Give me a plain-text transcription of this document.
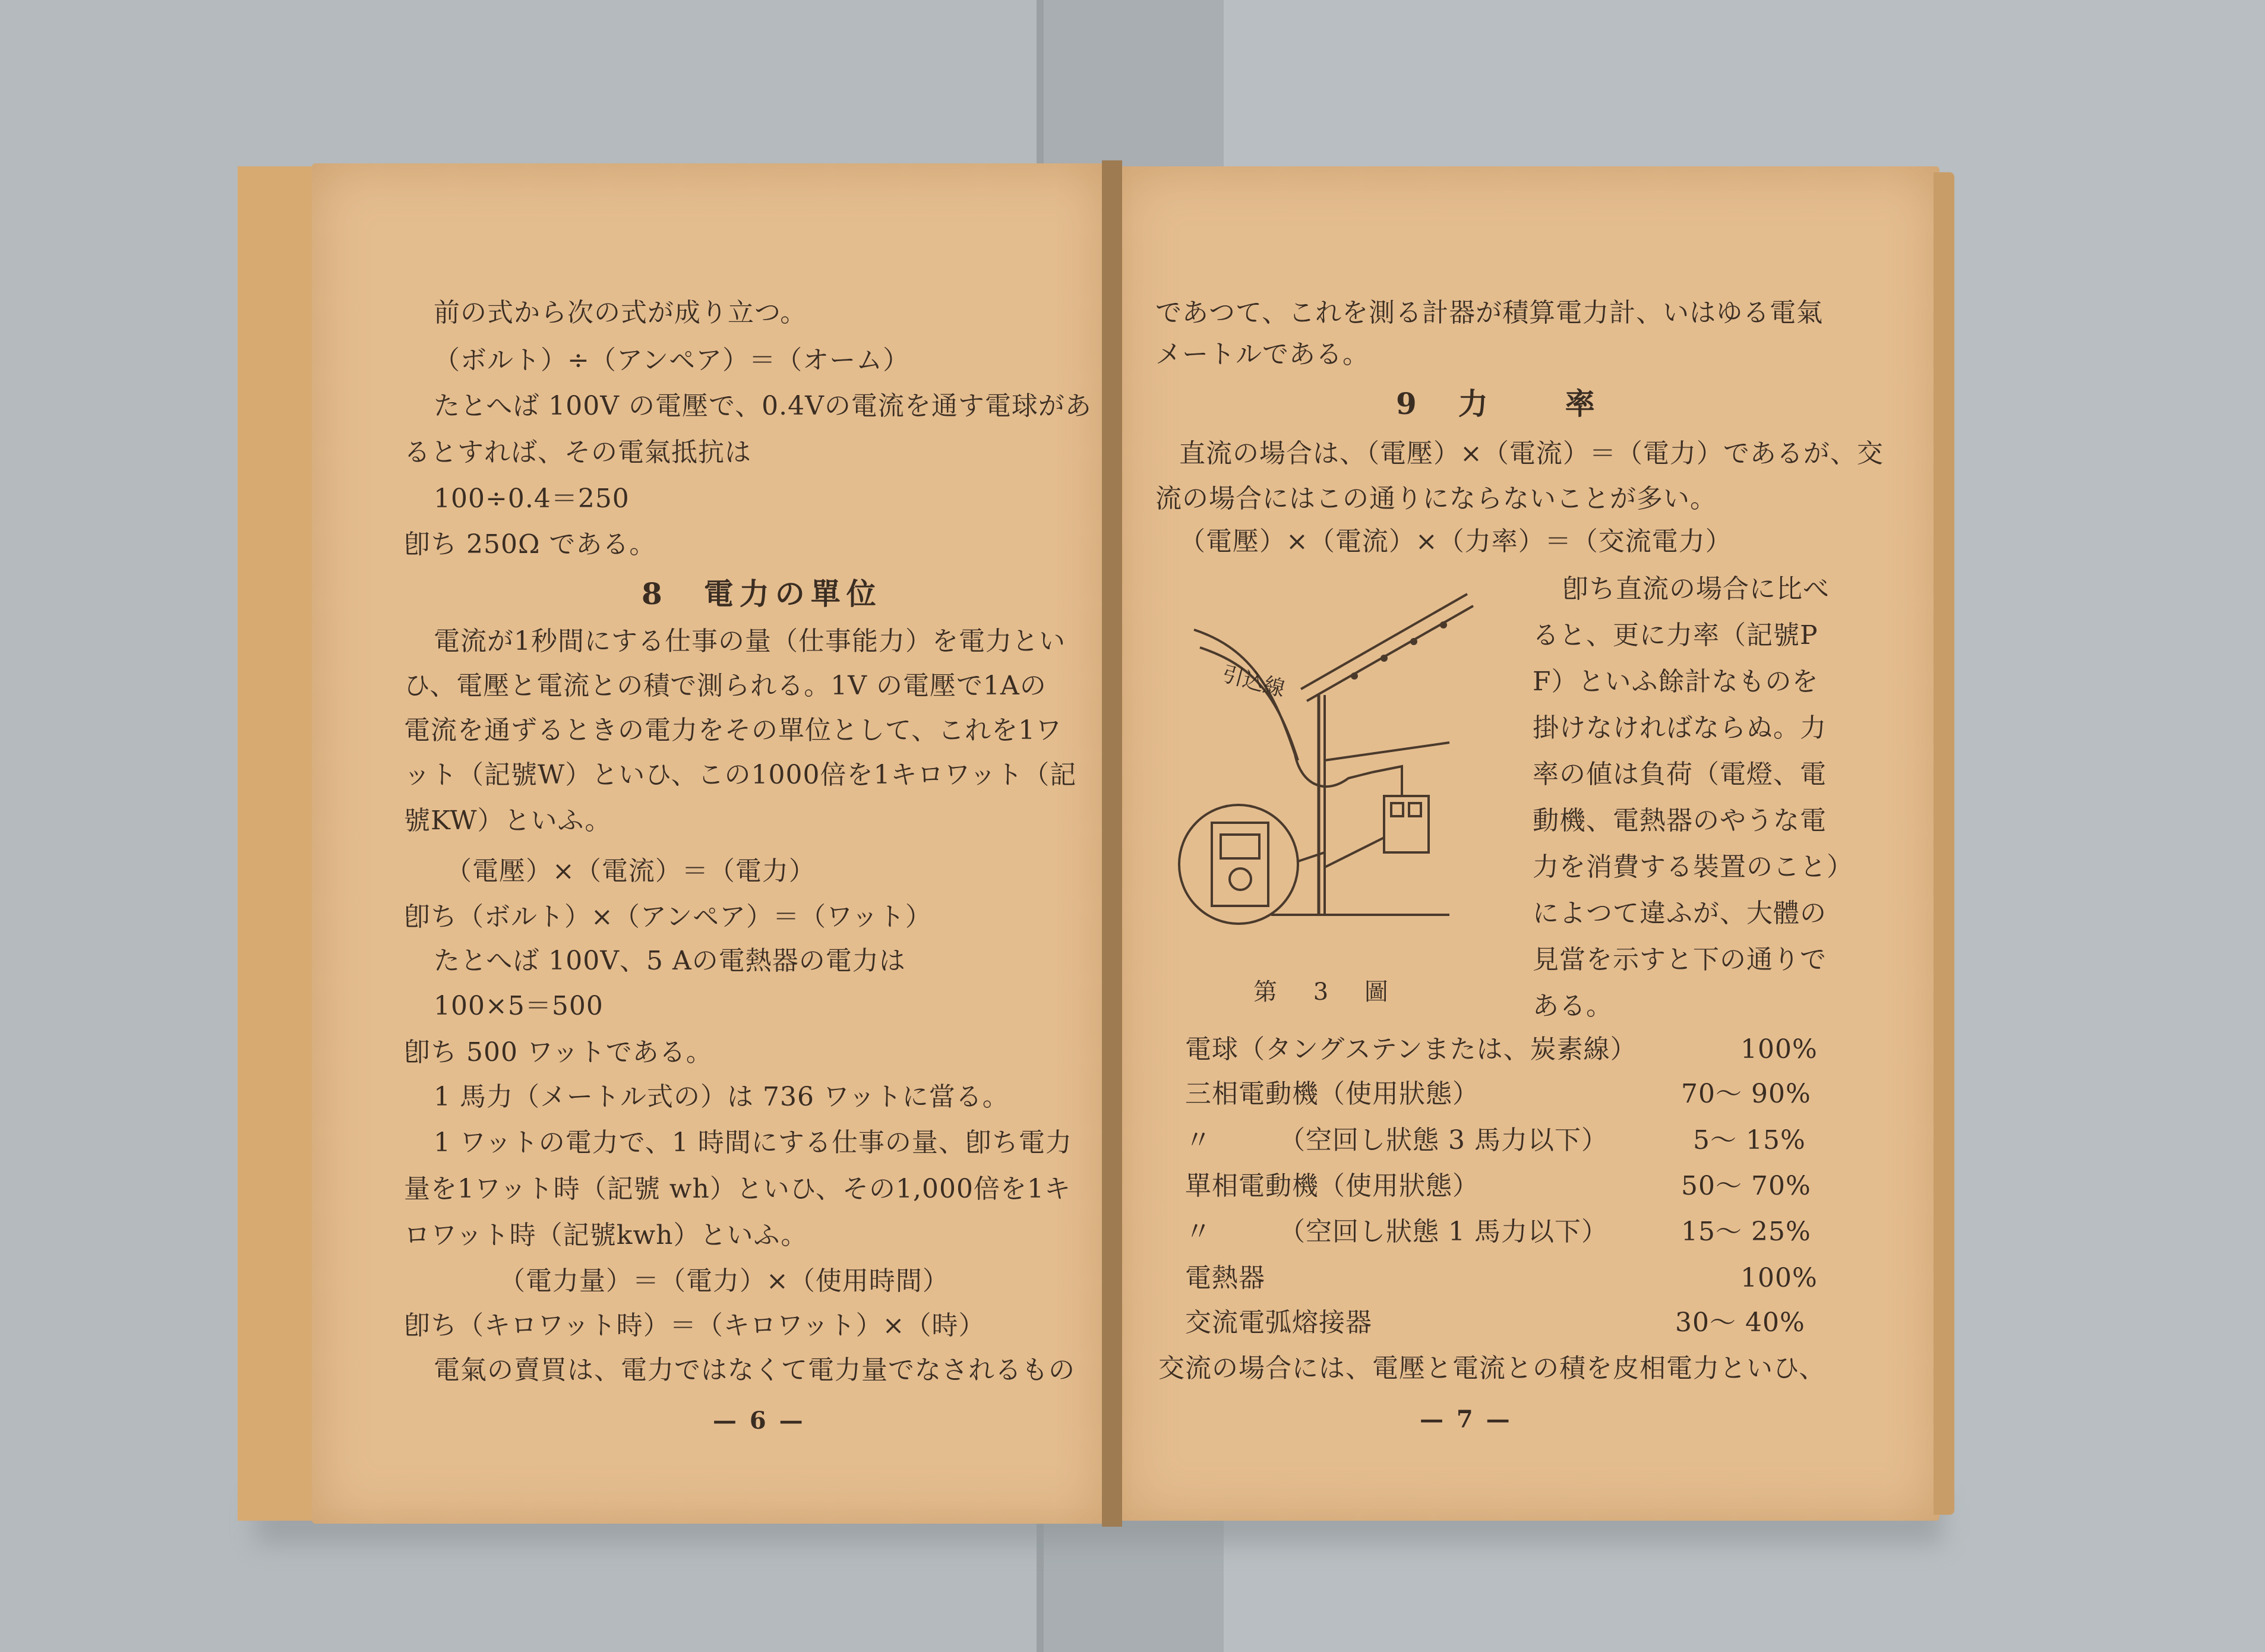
前の式から次の式が成り立つ。
（ボルト）÷（アンペア）＝（オーム）
たとへば 100V の電壓で、0.4Vの電流を通す電球があ
るとすれば、その電氣抵抗は
100÷0.4＝250
卽ち 250Ω である。
8　電力の單位
電流が1秒間にする仕事の量（仕事能力）を電力とい
ひ、電壓と電流との積で測られる。1V の電壓で1Aの
電流を通ずるときの電力をその單位として、これを1ワ
ット（記號W）といひ、この1000倍を1キロワット（記
號KW）といふ。
（電壓）×（電流）＝（電力）
卽ち（ボルト）×（アンペア）＝（ワット）
たとへば 100V、5 Aの電熱器の電力は
100×5＝500
卽ち 500 ワットである。
1 馬力（メートル式の）は 736 ワットに當る。
1 ワットの電力で、1 時間にする仕事の量、卽ち電力
量を1ワット時（記號 wh）といひ、その1,000倍を1キ
ロワット時（記號kwh）といふ。
（電力量）＝（電力）×（使用時間）
卽ち（キロワット時）＝（キロワット）×（時）
電氣の賣買は、電力ではなくて電力量でなされるもの
— 6 —
であつて、これを測る計器が積算電力計、いはゆる電氣
メートルである。
9　力　　率
直流の場合は、（電壓）×（電流）＝（電力）であるが、交
流の場合にはこの通りにならないことが多い。
（電壓）×（電流）×（力率）＝（交流電力）
卽ち直流の場合に比べ
ると、更に力率（記號P
F）といふ餘計なものを
掛けなければならぬ。力
率の値は負荷（電燈、電
動機、電熱器のやうな電
力を消費する裝置のこと）
によつて違ふが、大體の
見當を示すと下の通りで
ある。
第 3 圖
電球（タングステンまたは、炭素線）	100%
三相電動機（使用狀態）	70～ 90%
〃　　　（空回し狀態 3 馬力以下）	5～ 15%
單相電動機（使用狀態）	50～ 70%
〃　　　（空回し狀態 1 馬力以下）	15～ 25%
電熱器	100%
交流電弧熔接器	30～ 40%
交流の場合には、電壓と電流との積を皮相電力といひ、
— 7 —
引込線
